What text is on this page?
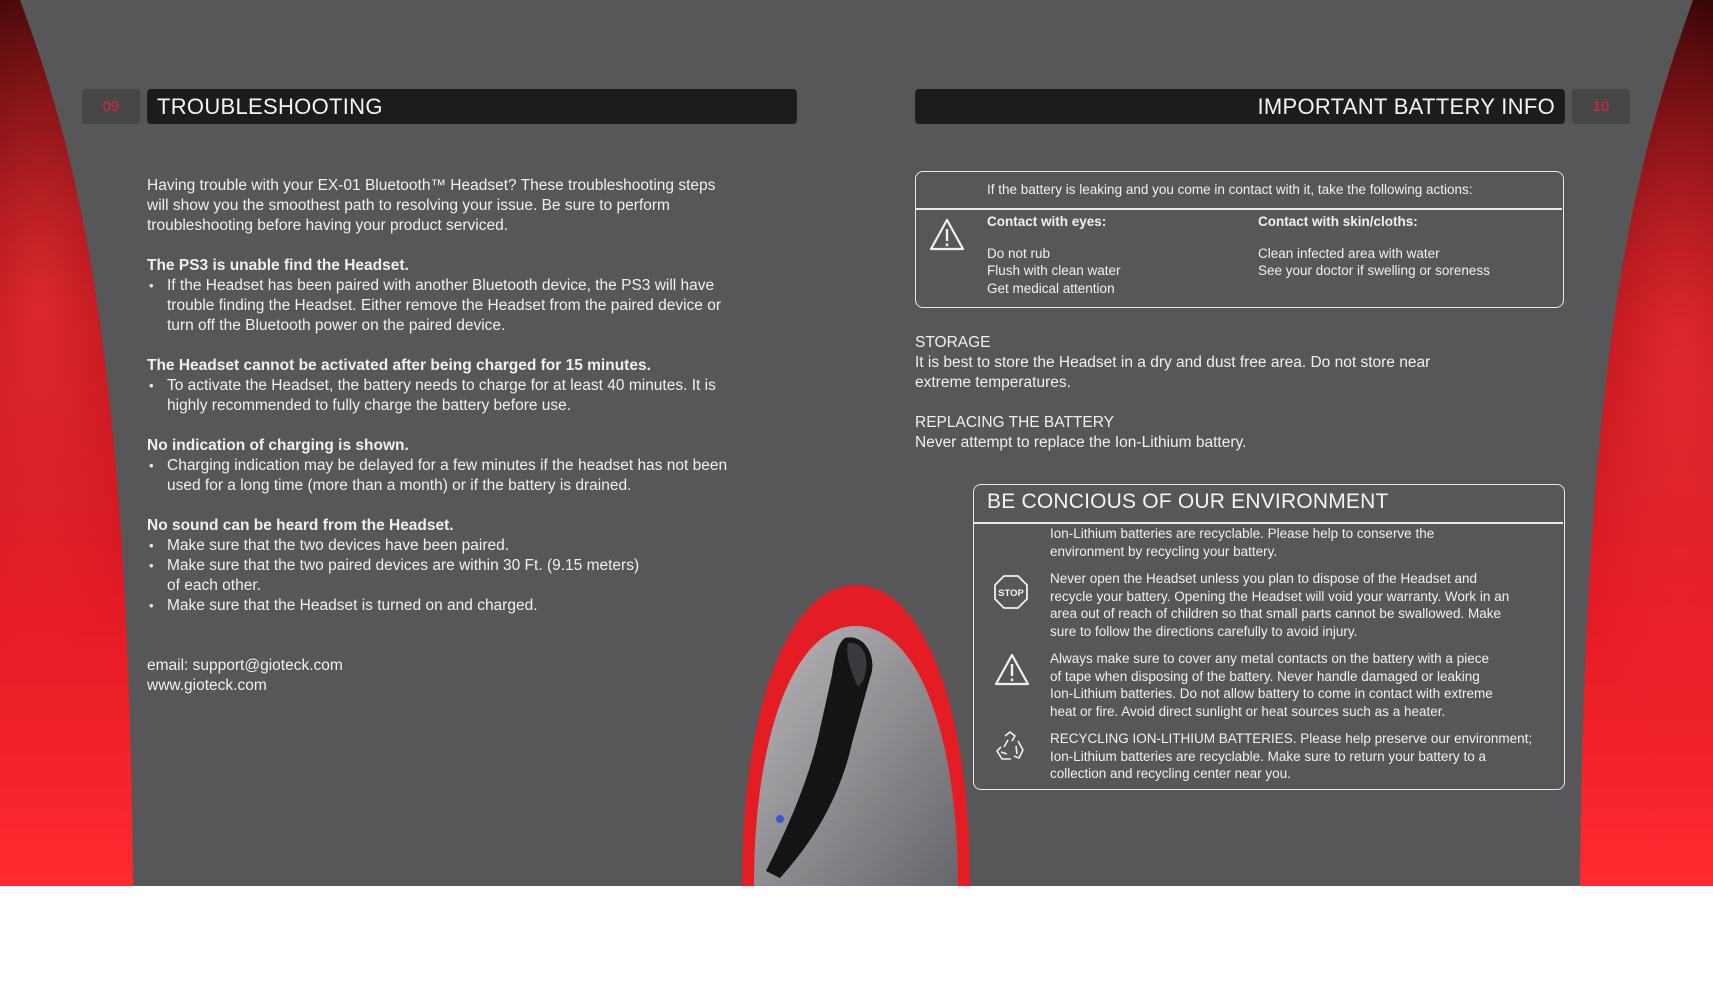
09	TROUBLESHOOTING	IMPORTANT BATTERY INFO	10
Having trouble with your EX-01 Bluetooth™ Headset? These troubleshooting steps
will show you the smoothest path to resolving your issue. Be sure to perform
troubleshooting before having your product serviced.
The PS3 is unable find the Headset.
• If the Headset has been paired with another Bluetooth device, the PS3 will have
trouble finding the Headset. Either remove the Headset from the paired device or
turn off the Bluetooth power on the paired device.
The Headset cannot be activated after being charged for 15 minutes.
• To activate the Headset, the battery needs to charge for at least 40 minutes. It is
highly recommended to fully charge the battery before use.
No indication of charging is shown.
• Charging indication may be delayed for a few minutes if the headset has not been
used for a long time (more than a month) or if the battery is drained.
No sound can be heard from the Headset.
• Make sure that the two devices have been paired.
• Make sure that the two paired devices are within 30 Ft. (9.15 meters)
of each other.
• Make sure that the Headset is turned on and charged.
email: support@gioteck.com
www.gioteck.com
If the battery is leaking and you come in contact with it, take the following actions:
Contact with eyes:
Do not rub
Flush with clean water
Get medical attention
Contact with skin/cloths:
Clean infected area with water
See your doctor if swelling or soreness
STORAGE
It is best to store the Headset in a dry and dust free area. Do not store near
extreme temperatures.
REPLACING THE BATTERY
Never attempt to replace the Ion-Lithium battery.
BE CONCIOUS OF OUR ENVIRONMENT
Ion-Lithium batteries are recyclable. Please help to conserve the
environment by recycling your battery.
STOP
Never open the Headset unless you plan to dispose of the Headset and
recycle your battery. Opening the Headset will void your warranty. Work in an
area out of reach of children so that small parts cannot be swallowed. Make
sure to follow the directions carefully to avoid injury.
Always make sure to cover any metal contacts on the battery with a piece
of tape when disposing of the battery. Never handle damaged or leaking
Ion-Lithium batteries. Do not allow battery to come in contact with extreme
heat or fire. Avoid direct sunlight or heat sources such as a heater.
RECYCLING ION-LITHIUM BATTERIES. Please help preserve our environment;
Ion-Lithium batteries are recyclable. Make sure to return your battery to a
collection and recycling center near you.
